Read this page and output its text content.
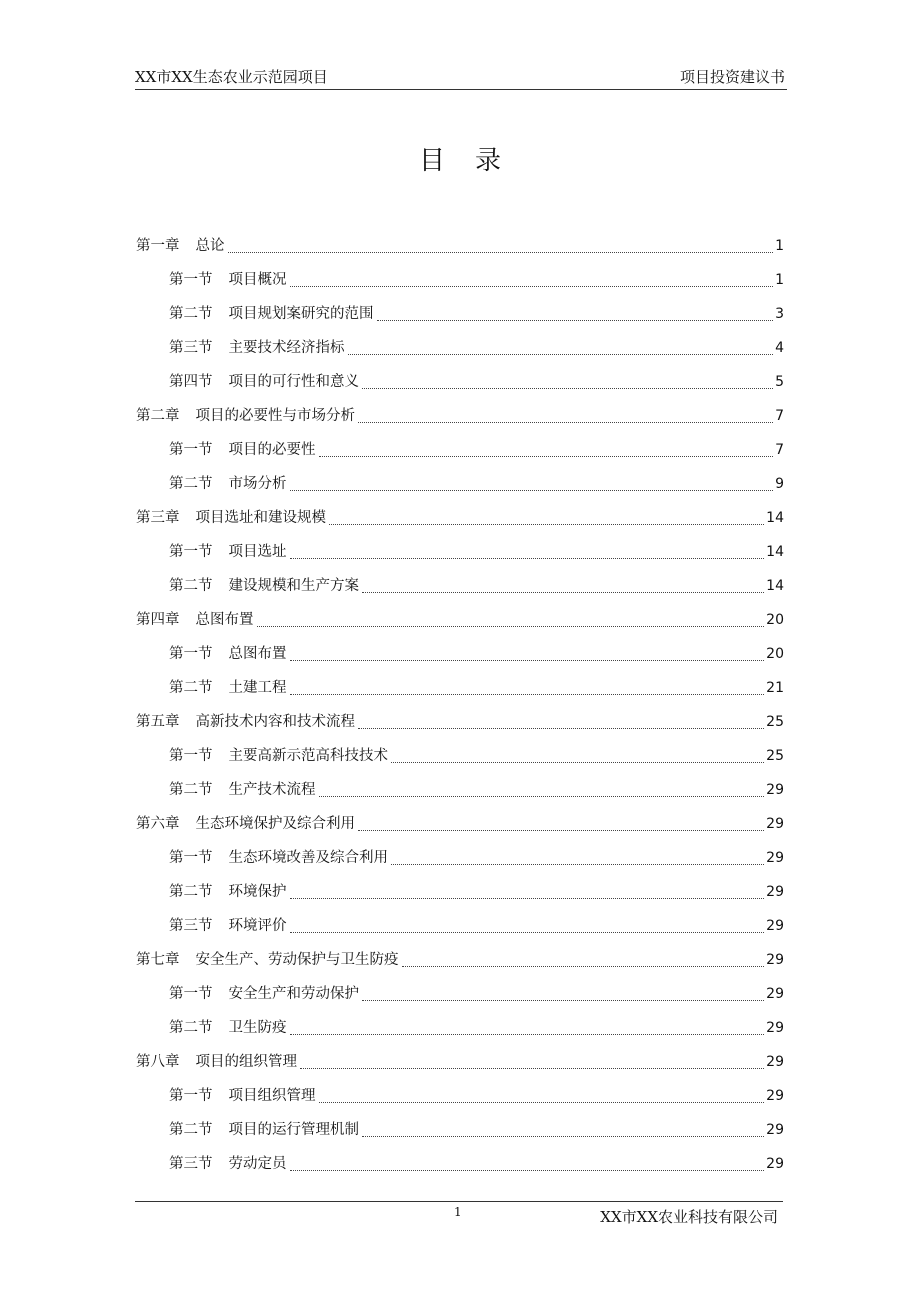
XX市XX生态农业示范园项目	项目投资建议书
目录
第一章 总论	1
第一节 项目概况	1
第二节 项目规划案研究的范围	3
第三节 主要技术经济指标	4
第四节 项目的可行性和意义	5
第二章 项目的必要性与市场分析	7
第一节 项目的必要性	7
第二节 市场分析	9
第三章 项目选址和建设规模	14
第一节 项目选址	14
第二节 建设规模和生产方案	14
第四章 总图布置	20
第一节 总图布置	20
第二节 土建工程	21
第五章 高新技术内容和技术流程	25
第一节 主要高新示范高科技技术	25
第二节 生产技术流程	29
第六章 生态环境保护及综合利用	29
第一节 生态环境改善及综合利用	29
第二节 环境保护	29
第三节 环境评价	29
第七章 安全生产、劳动保护与卫生防疫	29
第一节 安全生产和劳动保护	29
第二节 卫生防疫	29
第八章 项目的组织管理	29
第一节 项目组织管理	29
第二节 项目的运行管理机制	29
第三节 劳动定员	29
1	XX市XX农业科技有限公司
